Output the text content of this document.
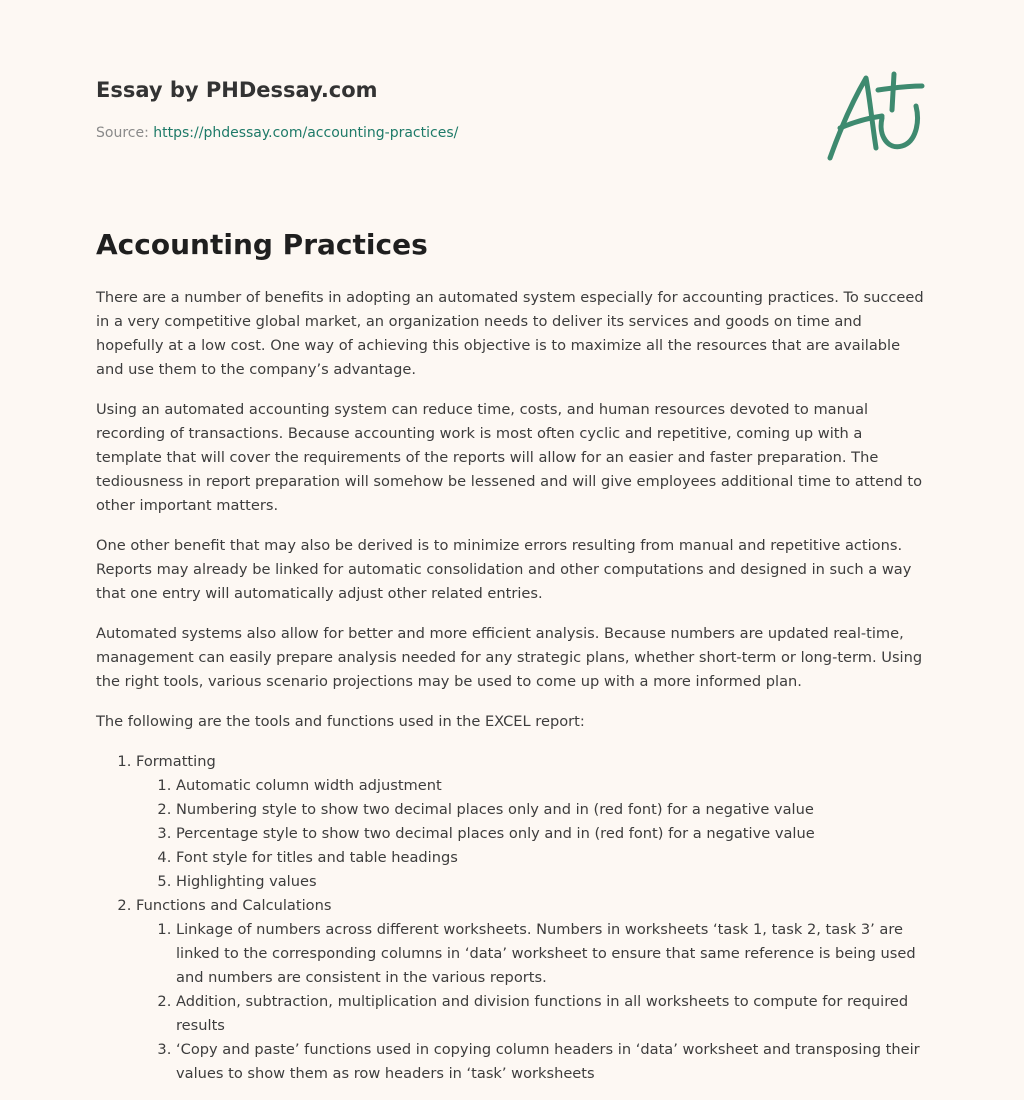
Essay by PHDessay.com
Source: https://phdessay.com/accounting-practices/
Accounting Practices

There are a number of benefits in adopting an automated system especially for accounting practices. To succeed in a very competitive global market, an organization needs to deliver its services and goods on time and hopefully at a low cost. One way of achieving this objective is to maximize all the resources that are available and use them to the company’s advantage.

Using an automated accounting system can reduce time, costs, and human resources devoted to manual recording of transactions. Because accounting work is most often cyclic and repetitive, coming up with a template that will cover the requirements of the reports will allow for an easier and faster preparation. The tediousness in report preparation will somehow be lessened and will give employees additional time to attend to other important matters.

One other benefit that may also be derived is to minimize errors resulting from manual and repetitive actions. Reports may already be linked for automatic consolidation and other computations and designed in such a way that one entry will automatically adjust other related entries.

Automated systems also allow for better and more efficient analysis. Because numbers are updated real-time, management can easily prepare analysis needed for any strategic plans, whether short-term or long-term. Using the right tools, various scenario projections may be used to come up with a more informed plan.

The following are the tools and functions used in the EXCEL report:

1. Formatting
1. Automatic column width adjustment
2. Numbering style to show two decimal places only and in (red font) for a negative value
3. Percentage style to show two decimal places only and in (red font) for a negative value
4. Font style for titles and table headings
5. Highlighting values
2. Functions and Calculations
1. Linkage of numbers across different worksheets. Numbers in worksheets ‘task 1, task 2, task 3’ are linked to the corresponding columns in ‘data’ worksheet to ensure that same reference is being used and numbers are consistent in the various reports.
2. Addition, subtraction, multiplication and division functions in all worksheets to compute for required results
3. ‘Copy and paste’ functions used in copying column headers in ‘data’ worksheet and transposing their values to show them as row headers in ‘task’ worksheets
